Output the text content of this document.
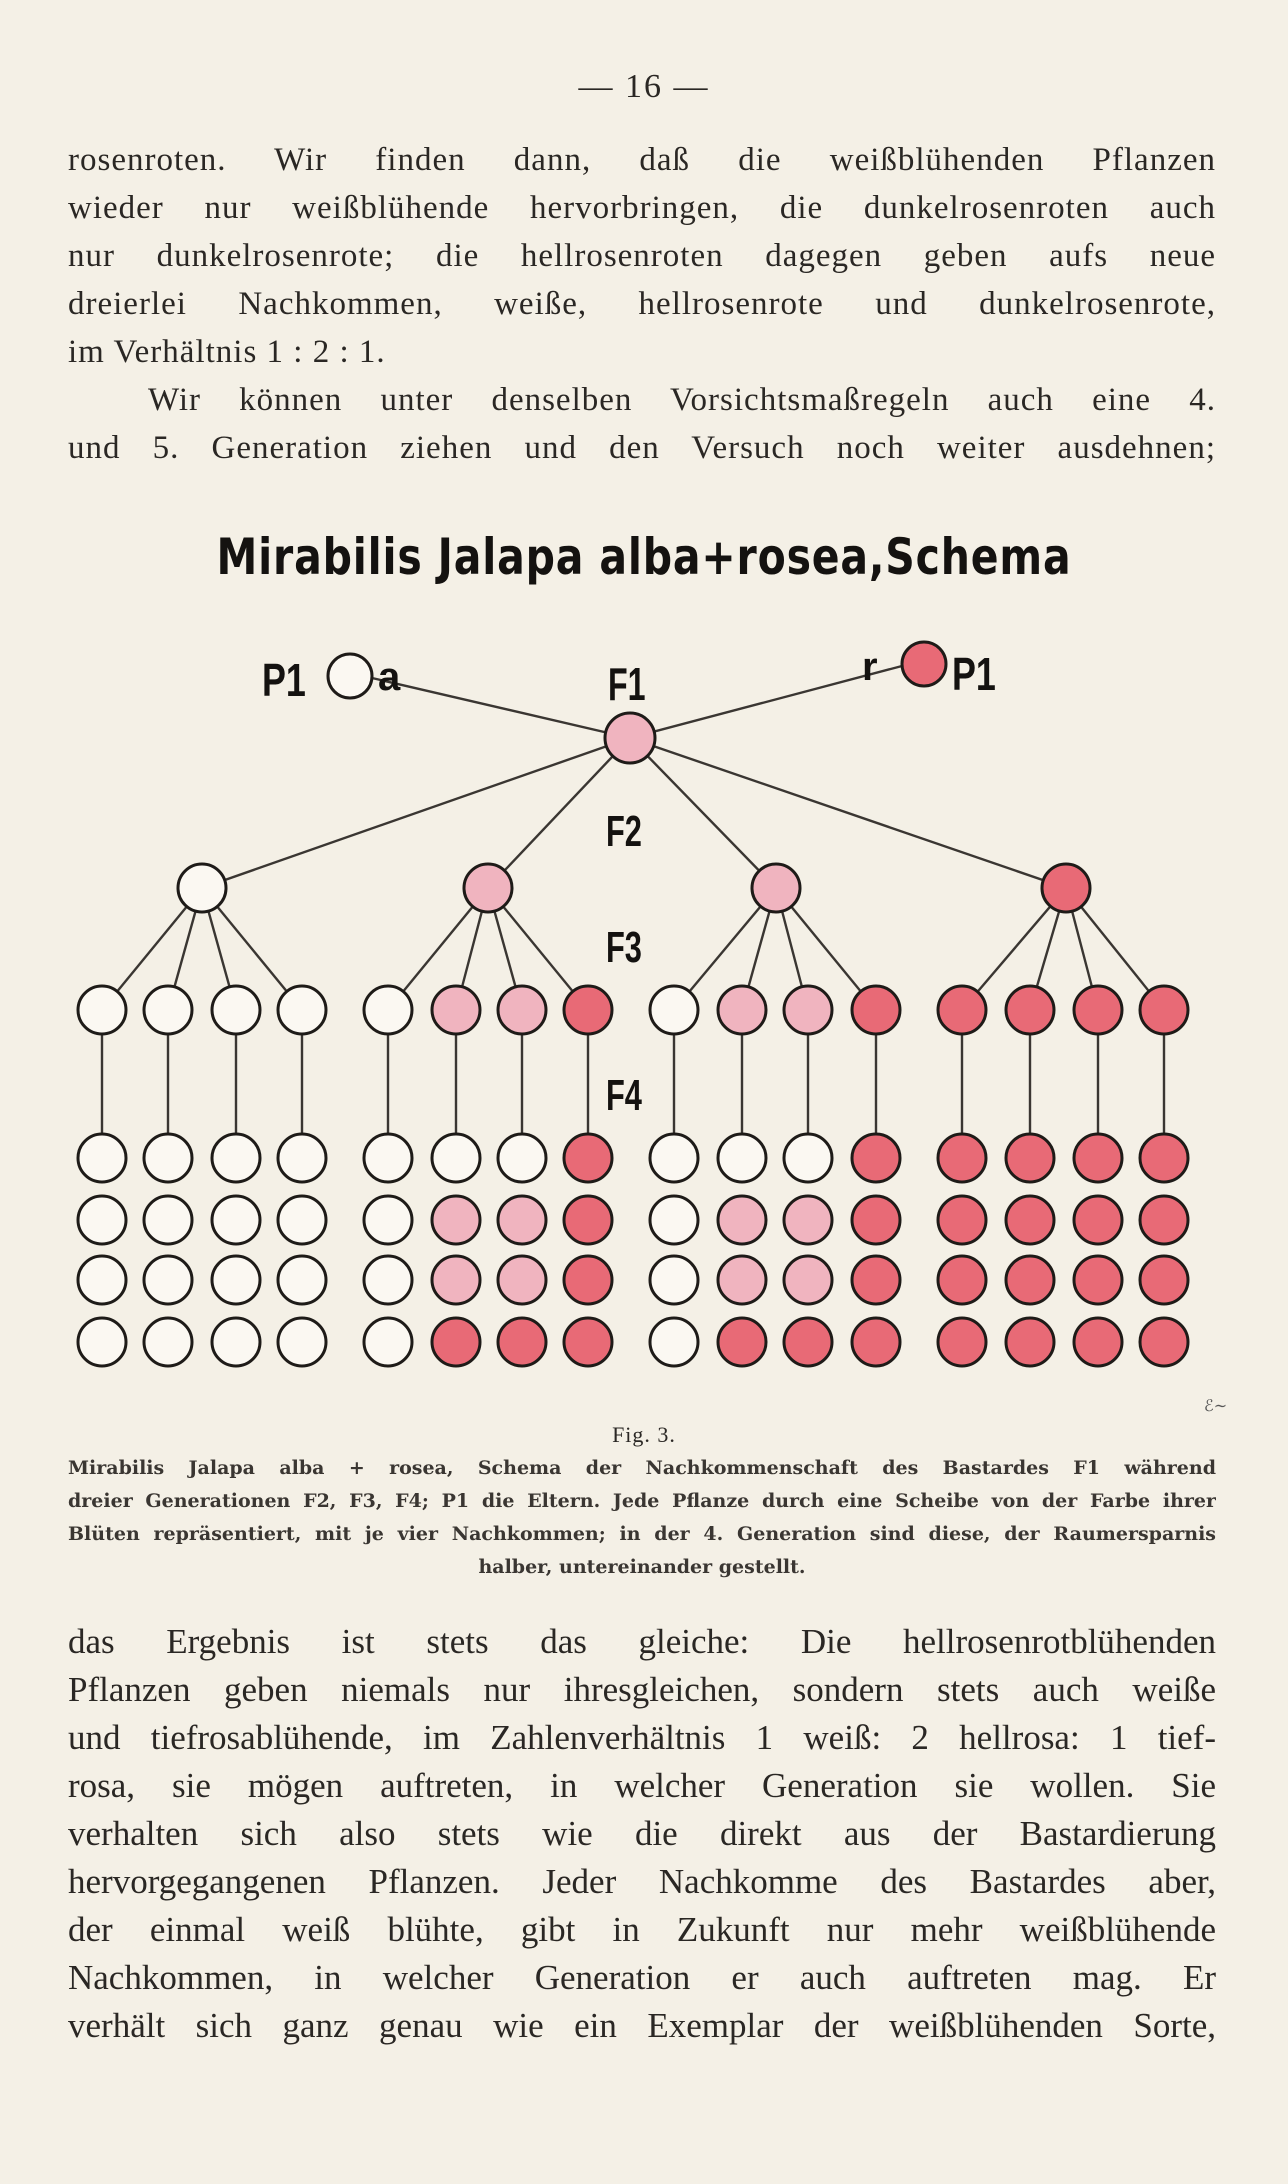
— 16 —
rosenroten. Wir finden dann, daß die weißblühenden Pflanzen
wieder nur weißblühende hervorbringen, die dunkelrosenroten auch
nur dunkelrosenrote; die hellrosenroten dagegen geben aufs neue
dreierlei Nachkommen, weiße, hellrosenrote und dunkelrosenrote,
im Verhältnis 1 : 2 : 1.
Wir können unter denselben Vorsichtsmaßregeln auch eine 4.
und 5. Generation ziehen und den Versuch noch weiter ausdehnen;
Mirabilis Jalapa alba+rosea,Schema
P1 a	F1	r P1
F2
F3
F4
ℰ∼
Fig. 3.
Mirabilis Jalapa alba + rosea, Schema der Nachkommenschaft des Bastardes F1 während
dreier Generationen F2, F3, F4; P1 die Eltern. Jede Pflanze durch eine Scheibe von der Farbe ihrer
Blüten repräsentiert, mit je vier Nachkommen; in der 4. Generation sind diese, der Raumersparnis
halber, untereinander gestellt.
das Ergebnis ist stets das gleiche: Die hellrosenrotblühenden
Pflanzen geben niemals nur ihresgleichen, sondern stets auch weiße
und tiefrosablühende, im Zahlenverhältnis 1 weiß: 2 hellrosa: 1 tief-
rosa, sie mögen auftreten, in welcher Generation sie wollen. Sie
verhalten sich also stets wie die direkt aus der Bastardierung
hervorgegangenen Pflanzen. Jeder Nachkomme des Bastardes aber,
der einmal weiß blühte, gibt in Zukunft nur mehr weißblühende
Nachkommen, in welcher Generation er auch auftreten mag. Er
verhält sich ganz genau wie ein Exemplar der weißblühenden Sorte,
